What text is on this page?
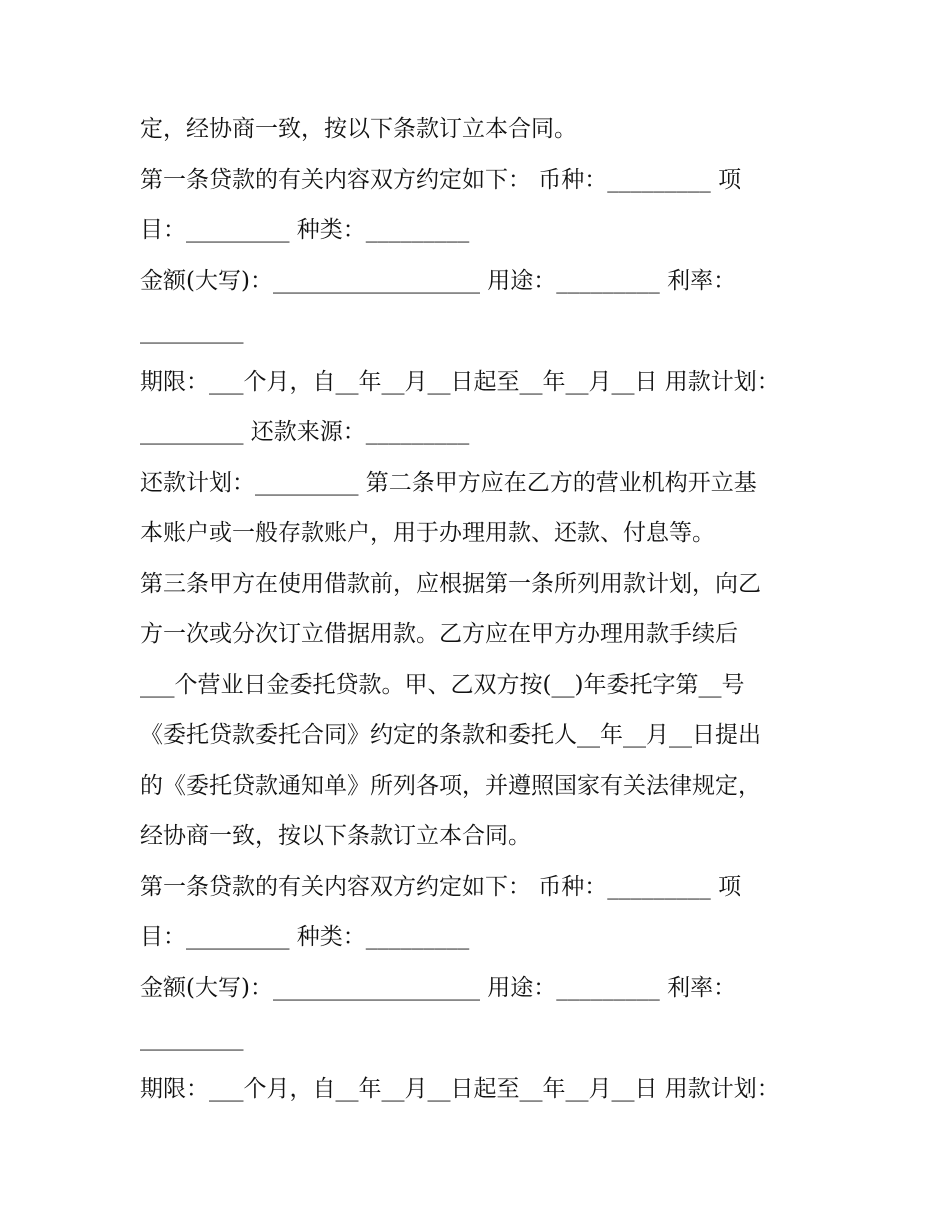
定，经协商一致，按以下条款订立本合同。
第一条贷款的有关内容双方约定如下： 币种：_________ 项
目：_________ 种类：_________
金额(大写)：__________________ 用途：_________ 利率：
_________
期限：___个月，自__年__月__日起至__年__月__日 用款计划：
_________ 还款来源：_________
还款计划：_________ 第二条甲方应在乙方的营业机构开立基
本账户或一般存款账户，用于办理用款、还款、付息等。
第三条甲方在使用借款前，应根据第一条所列用款计划，向乙
方一次或分次订立借据用款。乙方应在甲方办理用款手续后
___个营业日金委托贷款。甲、乙双方按(__)年委托字第__号
《委托贷款委托合同》约定的条款和委托人__年__月__日提出
的《委托贷款通知单》所列各项，并遵照国家有关法律规定，
经协商一致，按以下条款订立本合同。
第一条贷款的有关内容双方约定如下： 币种：_________ 项
目：_________ 种类：_________
金额(大写)：__________________ 用途：_________ 利率：
_________
期限：___个月，自__年__月__日起至__年__月__日 用款计划：
